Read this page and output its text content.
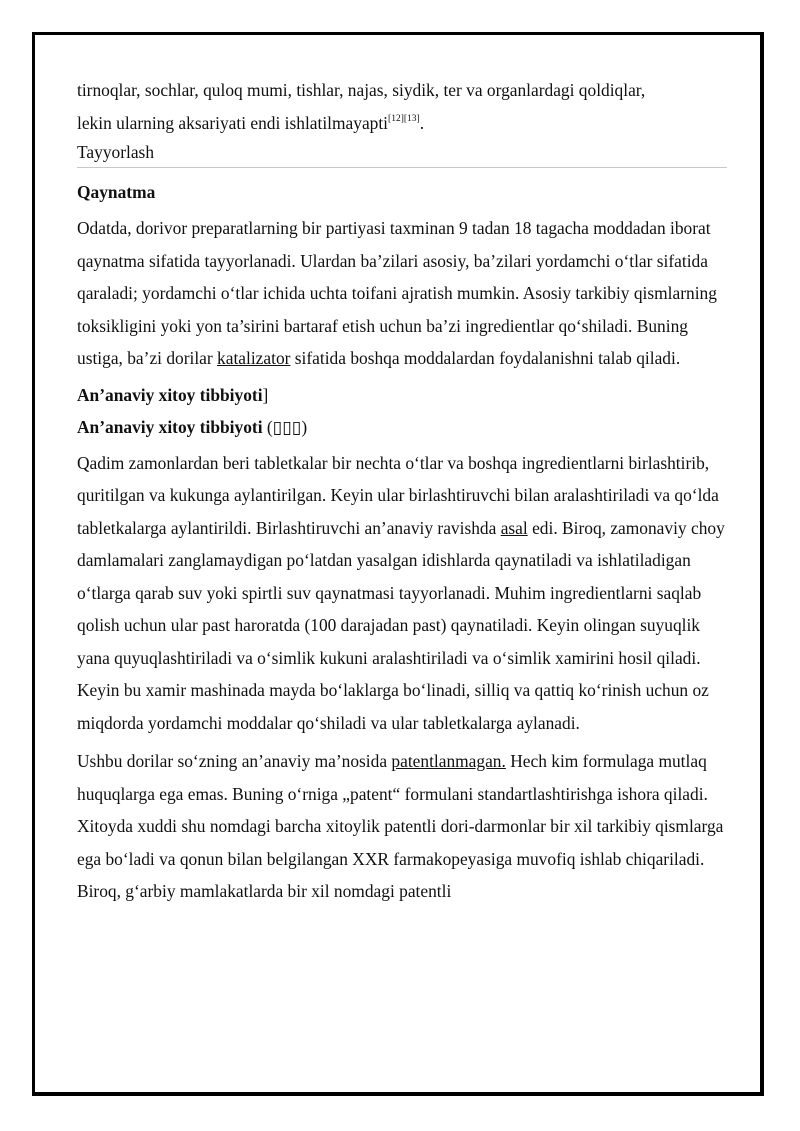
tirnoqlar, sochlar, quloq mumi, tishlar, najas, siydik, ter va organlardagi qoldiqlar,
lekin ularning aksariyati endi ishlatilmayapti[12][13].

Tayyorlash

Qaynatma

Odatda, dorivor preparatlarning bir partiyasi taxminan 9 tadan 18 tagacha moddadan iborat qaynatma sifatida tayyorlanadi. Ulardan ba’zilari asosiy, ba’zilari yordamchi o‘tlar sifatida qaraladi; yordamchi o‘tlar ichida uchta toifani ajratish mumkin. Asosiy tarkibiy qismlarning toksikligini yoki yon ta’sirini bartaraf etish uchun ba’zi ingredientlar qo‘shiladi. Buning ustiga, ba’zi dorilar katalizator sifatida boshqa moddalardan foydalanishni talab qiladi.

An’anaviy xitoy tibbiyoti]

An’anaviy xitoy tibbiyoti (▯▯▯)

Qadim zamonlardan beri tabletkalar bir nechta o‘tlar va boshqa ingredientlarni birlashtirib, quritilgan va kukunga aylantirilgan. Keyin ular birlashtiruvchi bilan aralashtiriladi va qo‘lda tabletkalarga aylantirildi. Birlashtiruvchi an’anaviy ravishda asal edi. Biroq, zamonaviy choy damlamalari zanglamaydigan po‘latdan yasalgan idishlarda qaynatiladi va ishlatiladigan o‘tlarga qarab suv yoki spirtli suv qaynatmasi tayyorlanadi. Muhim ingredientlarni saqlab qolish uchun ular past haroratda (100 darajadan past) qaynatiladi. Keyin olingan suyuqlik yana quyuqlashtiriladi va o‘simlik kukuni aralashtiriladi va o‘simlik xamirini hosil qiladi. Keyin bu xamir mashinada mayda bo‘laklarga bo‘linadi, silliq va qattiq ko‘rinish uchun oz miqdorda yordamchi moddalar qo‘shiladi va ular tabletkalarga aylanadi.

Ushbu dorilar so‘zning an’anaviy ma’nosida patentlanmagan. Hech kim formulaga mutlaq huquqlarga ega emas. Buning o‘rniga „patent“ formulani standartlashtirishga ishora qiladi. Xitoyda xuddi shu nomdagi barcha xitoylik patentli dori-darmonlar bir xil tarkibiy qismlarga ega bo‘ladi va qonun bilan belgilangan XXR farmakopeyasiga muvofiq ishlab chiqariladi. Biroq, g‘arbiy mamlakatlarda bir xil nomdagi patentli
